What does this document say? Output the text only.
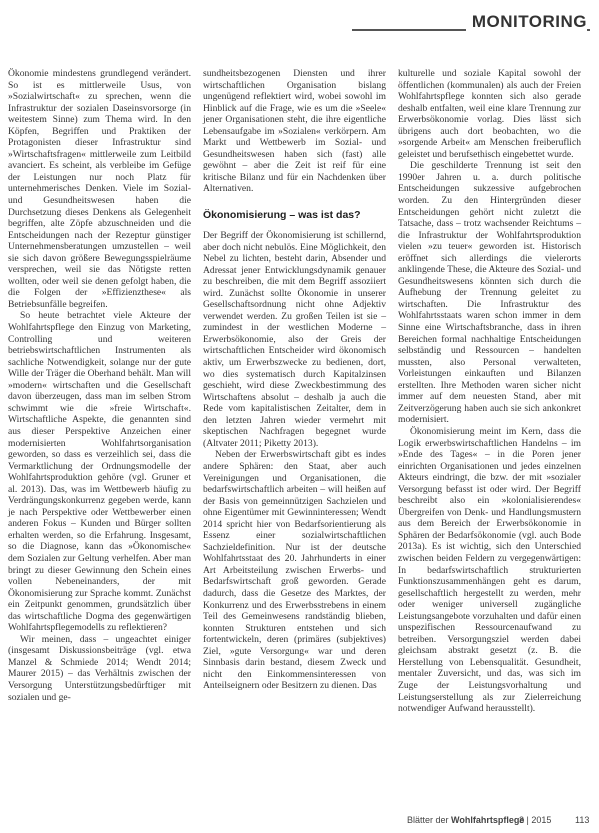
MONITORING

Ökonomie mindestens grundlegend verändert. So ist es mittlerweile Usus, von »Sozialwirtschaft« zu sprechen, wenn die Infrastruktur der sozialen Daseinsvorsorge (in weitestem Sinne) zum Thema wird. In den Köpfen, Begriffen und Praktiken der Protagonisten dieser Infrastruktur sind »Wirtschaftsfragen« mittlerweile zum Leitbild avanciert. Es scheint, als verbleibe im Gefüge der Leistungen nur noch Platz für unternehmerisches Denken. Viele im Sozial- und Gesundheitswesen haben die Durchsetzung dieses Denkens als Gelegenheit begriffen, alte Zöpfe abzuschneiden und die Entscheidungen nach der Rezeptur günstiger Unternehmensberatungen umzustellen – weil sie sich davon größere Bewegungsspielräume versprechen, weil sie das Nötigste retten wollten, oder weil sie denen gefolgt haben, die die Folgen der »Effizienzthese« als Betriebsunfälle begreifen.

So heute betrachtet viele Akteure der Wohlfahrtspflege den Einzug von Marketing, Controlling und weiteren betriebswirtschaftlichen Instrumenten als sachliche Notwendigkeit, solange nur der gute Wille der Träger die Oberhand behält. Man will »modern« wirtschaften und die Gesellschaft davon überzeugen, dass man im selben Strom schwimmt wie die »freie Wirtschaft«. Wirtschaftliche Aspekte, die genannten sind aus dieser Perspektive Anzeichen einer modernisierten Wohlfahrtsorganisation geworden, so dass es verzeihlich sei, dass die Vermarktlichung der Ordnungsmodelle der Wohlfahrtsproduktion gehöre (vgl. Gruner et al. 2013). Das, was im Wettbewerb häufig zu Verdrängungskonkurrenz gegeben werde, kann je nach Perspektive oder Wettbewerber einen anderen Fokus – Kunden und Bürger sollten erhalten werden, so die Erfahrung. Insgesamt, so die Diagnose, kann das »Ökonomische« dem Sozialen zur Geltung verhelfen. Aber man bringt zu dieser Gewinnung den Schein eines vollen Nebeneinanders, der mit Ökonomisierung zur Sprache kommt. Zunächst ein Zeitpunkt genommen, grundsätzlich über das wirtschaftliche Dogma des gegenwärtigen Wohlfahrtspflegemodells zu reflektieren?

Wir meinen, dass – ungeachtet einiger (insgesamt Diskussionsbeiträge (vgl. etwa Manzel & Schmiede 2014; Wendt 2014; Maurer 2015) – das Verhältnis zwischen der Versorgung Unterstützungsbedürftiger mit sozialen und ge-

sundheitsbezogenen Diensten und ihrer wirtschaftlichen Organisation bislang ungenügend reflektiert wird, wobei sowohl im Hinblick auf die Frage, wie es um die »Seele« jener Organisationen steht, die ihre eigentliche Lebensaufgabe im »Sozialen« verkörpern. Am Markt und Wettbewerb im Sozial- und Gesundheitswesen haben sich (fast) alle gewöhnt – aber die Zeit ist reif für eine kritische Bilanz und für ein Nachdenken über Alternativen.

Ökonomisierung – was ist das?

Der Begriff der Ökonomisierung ist schillernd, aber doch nicht nebulös. Eine Möglichkeit, den Nebel zu lichten, besteht darin, Absender und Adressat jener Entwicklungsdynamik genauer zu beschreiben, die mit dem Begriff assoziiert wird. Zunächst sollte Ökonomie in unserer Gesellschaftsordnung nicht ohne Adjektiv verwendet werden. Zu großen Teilen ist sie – zumindest in der westlichen Moderne – Erwerbsökonomie, also der Greis der wirtschaftlichen Entscheider wird ökonomisch aktiv, um Erwerbszwecke zu bedienen, dort, wo dies systematisch durch Kapitalzinsen geschieht, wird diese Zweckbestimmung des Wirtschaftens absolut – deshalb ja auch die Rede vom kapitalistischen Zeitalter, dem in den letzten Jahren wieder vermehrt mit skeptischen Nachfragen begegnet wurde (Altvater 2011; Piketty 2013).

Neben der Erwerbswirtschaft gibt es indes andere Sphären: den Staat, aber auch Vereinigungen und Organisationen, die bedarfswirtschaftlich arbeiten – will heißen auf der Basis von gemeinnützigen Sachzielen und ohne Eigentümer mit Gewinninteressen; Wendt 2014 spricht hier von Bedarfsorientierung als Essenz einer sozialwirtschaftlichen Sachzieldefinition. Nur ist der deutsche Wohlfahrtsstaat des 20. Jahrhunderts in einer Art Arbeitsteilung zwischen Erwerbs- und Bedarfswirtschaft groß geworden. Gerade dadurch, dass die Gesetze des Marktes, der Konkurrenz und des Erwerbsstrebens in einem Teil des Gemeinwesens randständig blieben, konnten Strukturen entstehen und sich fortentwickeln, deren (primäres (subjektives) Ziel, »gute Versorgung« war und deren Sinnbasis darin bestand, diesem Zweck und nicht den Einkommensinteressen von Anteilseignern oder Besitzern zu dienen. Das

kulturelle und soziale Kapital sowohl der öffentlichen (kommunalen) als auch der Freien Wohlfahrtspflege konnten sich also gerade deshalb entfalten, weil eine klare Trennung zur Erwerbsökonomie vorlag. Dies lässt sich übrigens auch dort beobachten, wo die »sorgende Arbeit« am Menschen freiberuflich geleistet und berufsethisch eingebettet wurde.

Die geschilderte Trennung ist seit den 1990er Jahren u. a. durch politische Entscheidungen sukzessive aufgebrochen worden. Zu den Hintergründen dieser Entscheidungen gehört nicht zuletzt die Tatsache, dass – trotz wachsender Reichtums – die Infrastruktur der Wohlfahrtsproduktion vielen »zu teuer« geworden ist. Historisch eröffnet sich allerdings die vielerorts anklingende These, die Akteure des Sozial- und Gesundheitswesens könnten sich durch die Aufhebung der Trennung geleitet zu wirtschaften. Die Infrastruktur des Wohlfahrtsstaats waren schon immer in dem Sinne eine Wirtschaftsbranche, dass in ihren Bereichen formal nachhaltige Entscheidungen selbständig und Ressourcen – handelten mussten, also Personal verwalteten, Vorleistungen einkauften und Bilanzen erstellten. Ihre Methoden waren sicher nicht immer auf dem neuesten Stand, aber mit Zeitverzögerung haben auch sie sich ankonkret modernisiert.

Ökonomisierung meint im Kern, dass die Logik erwerbswirtschaftlichen Handelns – im »Ende des Tages« – in die Poren jener einrichten Organisationen und jedes einzelnen Akteurs eindringt, die bzw. der mit »sozialer Versorgung befasst ist oder wird. Der Begriff beschreibt also ein »kolonialisierendes« Übergreifen von Denk- und Handlungsmustern aus dem Bereich der Erwerbsökonomie in Sphären der Bedarfsökonomie (vgl. auch Bode 2013a). Es ist wichtig, sich den Unterschied zwischen beiden Feldern zu vergegenwärtigen: In bedarfswirtschaftlich strukturierten Funktionszusammenhängen geht es darum, gesellschaftlich hergestellt zu werden, mehr oder weniger universell zugängliche Leistungsangebote vorzuhalten und dafür einen unspezifischen Ressourcenaufwand zu betreiben. Versorgungsziel werden dabei gleichsam abstrakt gesetzt (z. B. die Herstellung von Lebensqualität. Gesundheit, mentaler Zuversicht, und das, was sich im Zuge der Leistungsvorhaltung und Leistungserstellung als zur Zielerreichung notwendiger Aufwand herausstellt).

Blätter der Wohlfahrtspflege
3 | 2015	113
